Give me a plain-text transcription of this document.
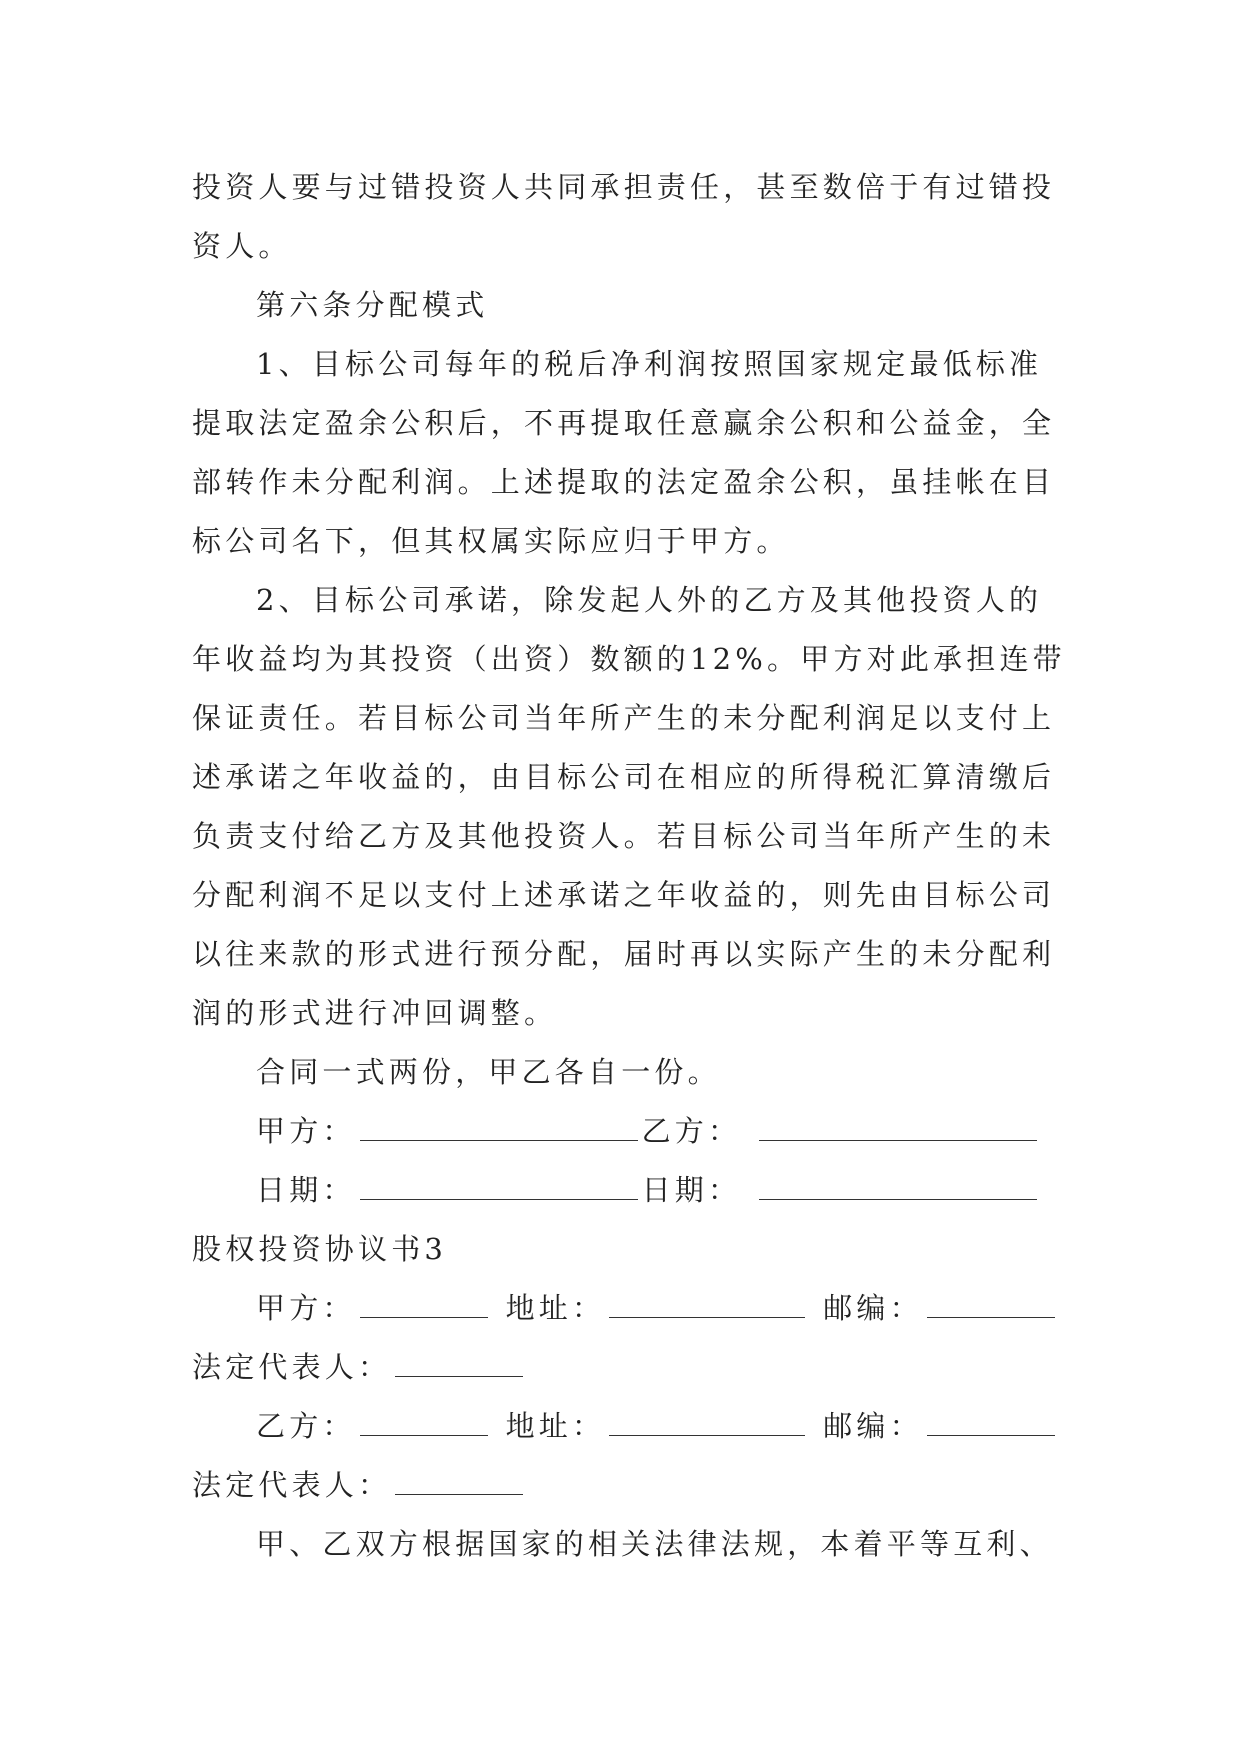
投资人要与过错投资人共同承担责任，甚至数倍于有过错投
资人。
第六条分配模式
1、目标公司每年的税后净利润按照国家规定最低标准
提取法定盈余公积后，不再提取任意赢余公积和公益金，全
部转作未分配利润。上述提取的法定盈余公积，虽挂帐在目
标公司名下，但其权属实际应归于甲方。
2、目标公司承诺，除发起人外的乙方及其他投资人的
年收益均为其投资（出资）数额的12%。甲方对此承担连带
保证责任。若目标公司当年所产生的未分配利润足以支付上
述承诺之年收益的，由目标公司在相应的所得税汇算清缴后
负责支付给乙方及其他投资人。若目标公司当年所产生的未
分配利润不足以支付上述承诺之年收益的，则先由目标公司
以往来款的形式进行预分配，届时再以实际产生的未分配利
润的形式进行冲回调整。
合同一式两份，甲乙各自一份。
甲方：	乙方：
日期：	日期：
股权投资协议书3
甲方：	地址：	邮编：
法定代表人：
乙方：	地址：	邮编：
法定代表人：
甲、乙双方根据国家的相关法律法规，本着平等互利、
